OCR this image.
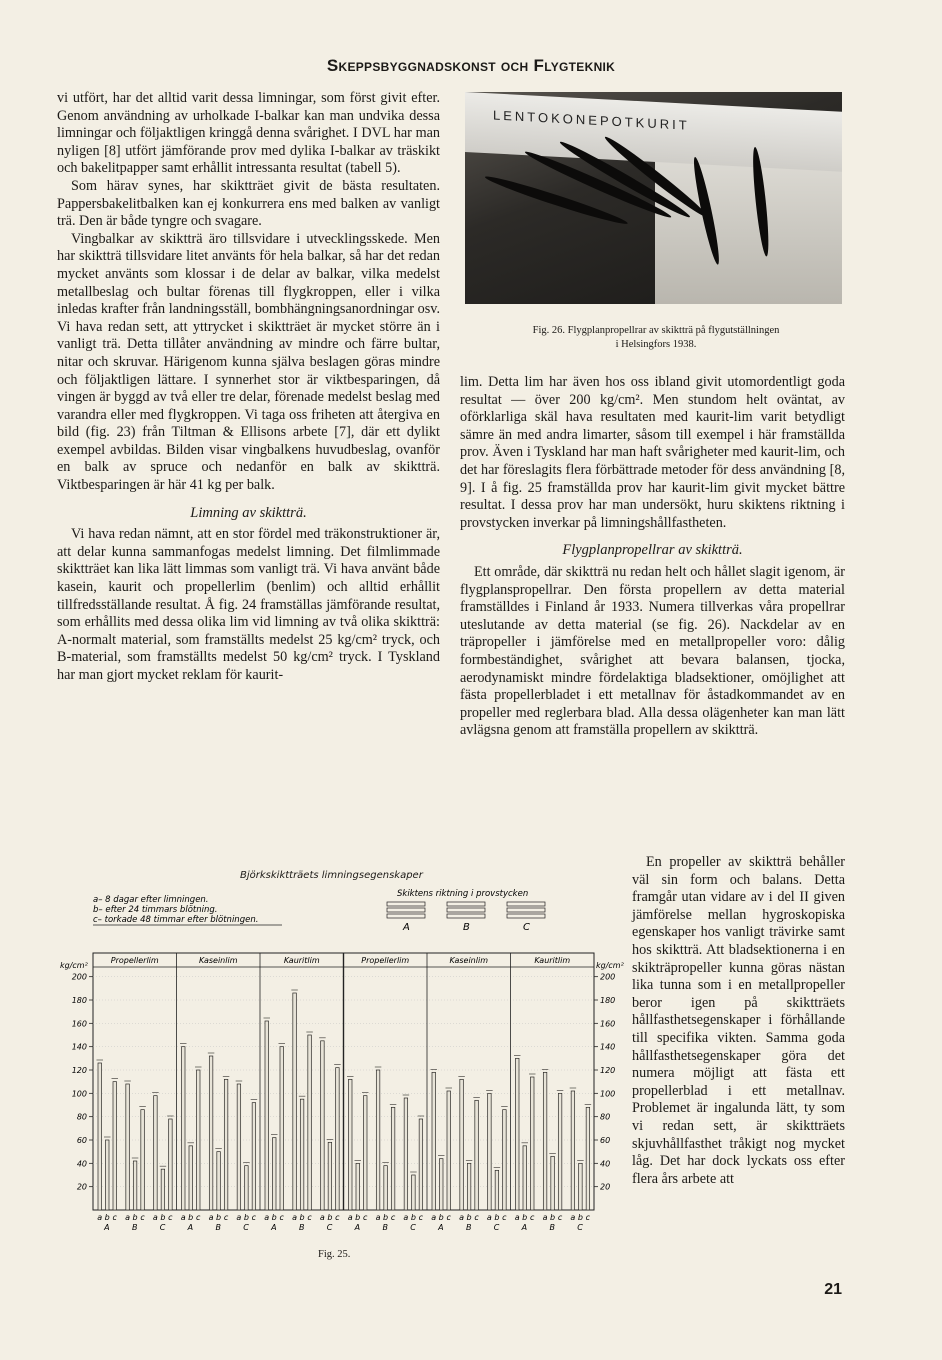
Skeppsbyggnadskonst och Flygteknik

vi utfört, har det alltid varit dessa limningar, som först givit efter. Genom användning av urholkade I-balkar kan man undvika dessa limningar och följaktligen kringgå denna svårighet. I DVL har man nyligen [8] utfört jämförande prov med dylika I-balkar av träskikt och bakelitpapper samt erhållit intressanta resultat (tabell 5).

Som härav synes, har skiktträet givit de bästa resultaten. Pappersbakelitbalken kan ej konkurrera ens med balken av vanligt trä. Den är både tyngre och svagare.

Vingbalkar av skiktträ äro tillsvidare i utvecklingsskede. Men har skiktträ tillsvidare litet använts för hela balkar, så har det redan mycket använts som klossar i de delar av balkar, vilka medelst metallbeslag och bultar förenas till flygkroppen, eller i vilka inledas krafter från landningsställ, bombhängningsanordningar osv. Vi hava redan sett, att yttrycket i skiktträet är mycket större än i vanligt trä. Detta tillåter användning av mindre och färre bultar, nitar och skruvar. Härigenom kunna själva beslagen göras mindre och följaktligen lättare. I synnerhet stor är viktbesparingen, då vingen är byggd av två eller tre delar, förenade medelst beslag med varandra eller med flygkroppen. Vi taga oss friheten att återgiva en bild (fig. 23) från Tiltman & Ellisons arbete [7], där ett dylikt exempel avbildas. Bilden visar vingbalkens huvudbeslag, ovanför en balk av spruce och nedanför en balk av skiktträ. Viktbesparingen är här 41 kg per balk.

Limning av skiktträ.

Vi hava redan nämnt, att en stor fördel med träkonstruktioner är, att delar kunna sammanfogas medelst limning. Det filmlimmade skiktträet kan lika lätt limmas som vanligt trä. Vi hava använt både kasein, kaurit och propellerlim (benlim) och alltid erhållit tillfredsställande resultat. Å fig. 24 framställas jämförande resultat, som erhållits med dessa olika lim vid limning av två olika skiktträ: A-normalt material, som framställts medelst 25 kg/cm² tryck, och B-material, som framställts medelst 50 kg/cm² tryck. I Tyskland har man gjort mycket reklam för kaurit-

LENTOKONEPOTKURIT
Fig. 26. Flygplanpropellrar av skiktträ på flygutställningen
i Helsingfors 1938.

lim. Detta lim har även hos oss ibland givit utomordentligt goda resultat — över 200 kg/cm². Men stundom helt oväntat, av oförklarliga skäl hava resultaten med kaurit-lim varit betydligt sämre än med andra limarter, såsom till exempel i här framställda prov. Även i Tyskland har man haft svårigheter med kaurit-lim, och det har föreslagits flera förbättrade metoder för dess användning [8, 9]. I å fig. 25 framställda prov har kaurit-lim givit mycket bättre resultat. I dessa prov har man undersökt, huru skiktens riktning i provstycken inverkar på limningshållfastheten.

Flygplanpropellrar av skiktträ.

Ett område, där skiktträ nu redan helt och hållet slagit igenom, är flygplanspropellrar. Den första propellern av detta material framställdes i Finland år 1933. Numera tillverkas våra propellrar uteslutande av detta material (se fig. 26). Nackdelar av en träpropeller i jämförelse med en metallpropeller voro: dålig formbeständighet, svårighet att bevara balansen, tjocka, aerodynamiskt mindre fördelaktiga bladsektioner, omöjlighet att fästa propellerbladet i ett metallnav för åstadkommandet av en propeller med reglerbara blad. Alla dessa olägenheter kan man lätt avlägsna genom att framställa propellern av skiktträ.

En propeller av skiktträ behåller väl sin form och balans. Detta framgår utan vidare av i del II given jämförelse mellan hygroskopiska egenskaper hos vanligt trävirke samt hos skiktträ. Att bladsektionerna i en skikträpropeller kunna göras nästan lika tunna som i en metallpropeller beror igen på skiktträets hållfasthetsegenskaper i förhållande till specifika vikten. Samma goda hållfasthetsegenskaper göra det numera möjligt att fästa ett propellerblad i ett metallnav. Problemet är ingalunda lätt, ty som vi redan sett, är skiktträets skjuvhållfasthet tråkigt nog mycket låg. Det har dock lyckats oss efter flera års arbete att

Björkskiktträets limningsegenskaper
a– 8 dagar efter limningen.
b– efter 24 timmars blötning.
c– torkade 48 timmar efter blötningen.
Skiktens riktning i provstycken
A	B	C
kg/cm²	kg/cm²
20	20
40	40
60	60
80	80
100	100
120	120
140	140
160	160
180	180
200	200
Propellerlim
a b c
A
a b c
B
a b c
C
Kaseinlim
a b c
A
a b c
B
a b c
C
Kauritlim
a b c
A
a b c
B
a b c
C
Propellerlim
a b c
A
a b c
B
a b c
C
Kaseinlim
a b c
A
a b c
B
a b c
C
Kauritlim
a b c
A
a b c
B
a b c
C
Fig. 25.
21
